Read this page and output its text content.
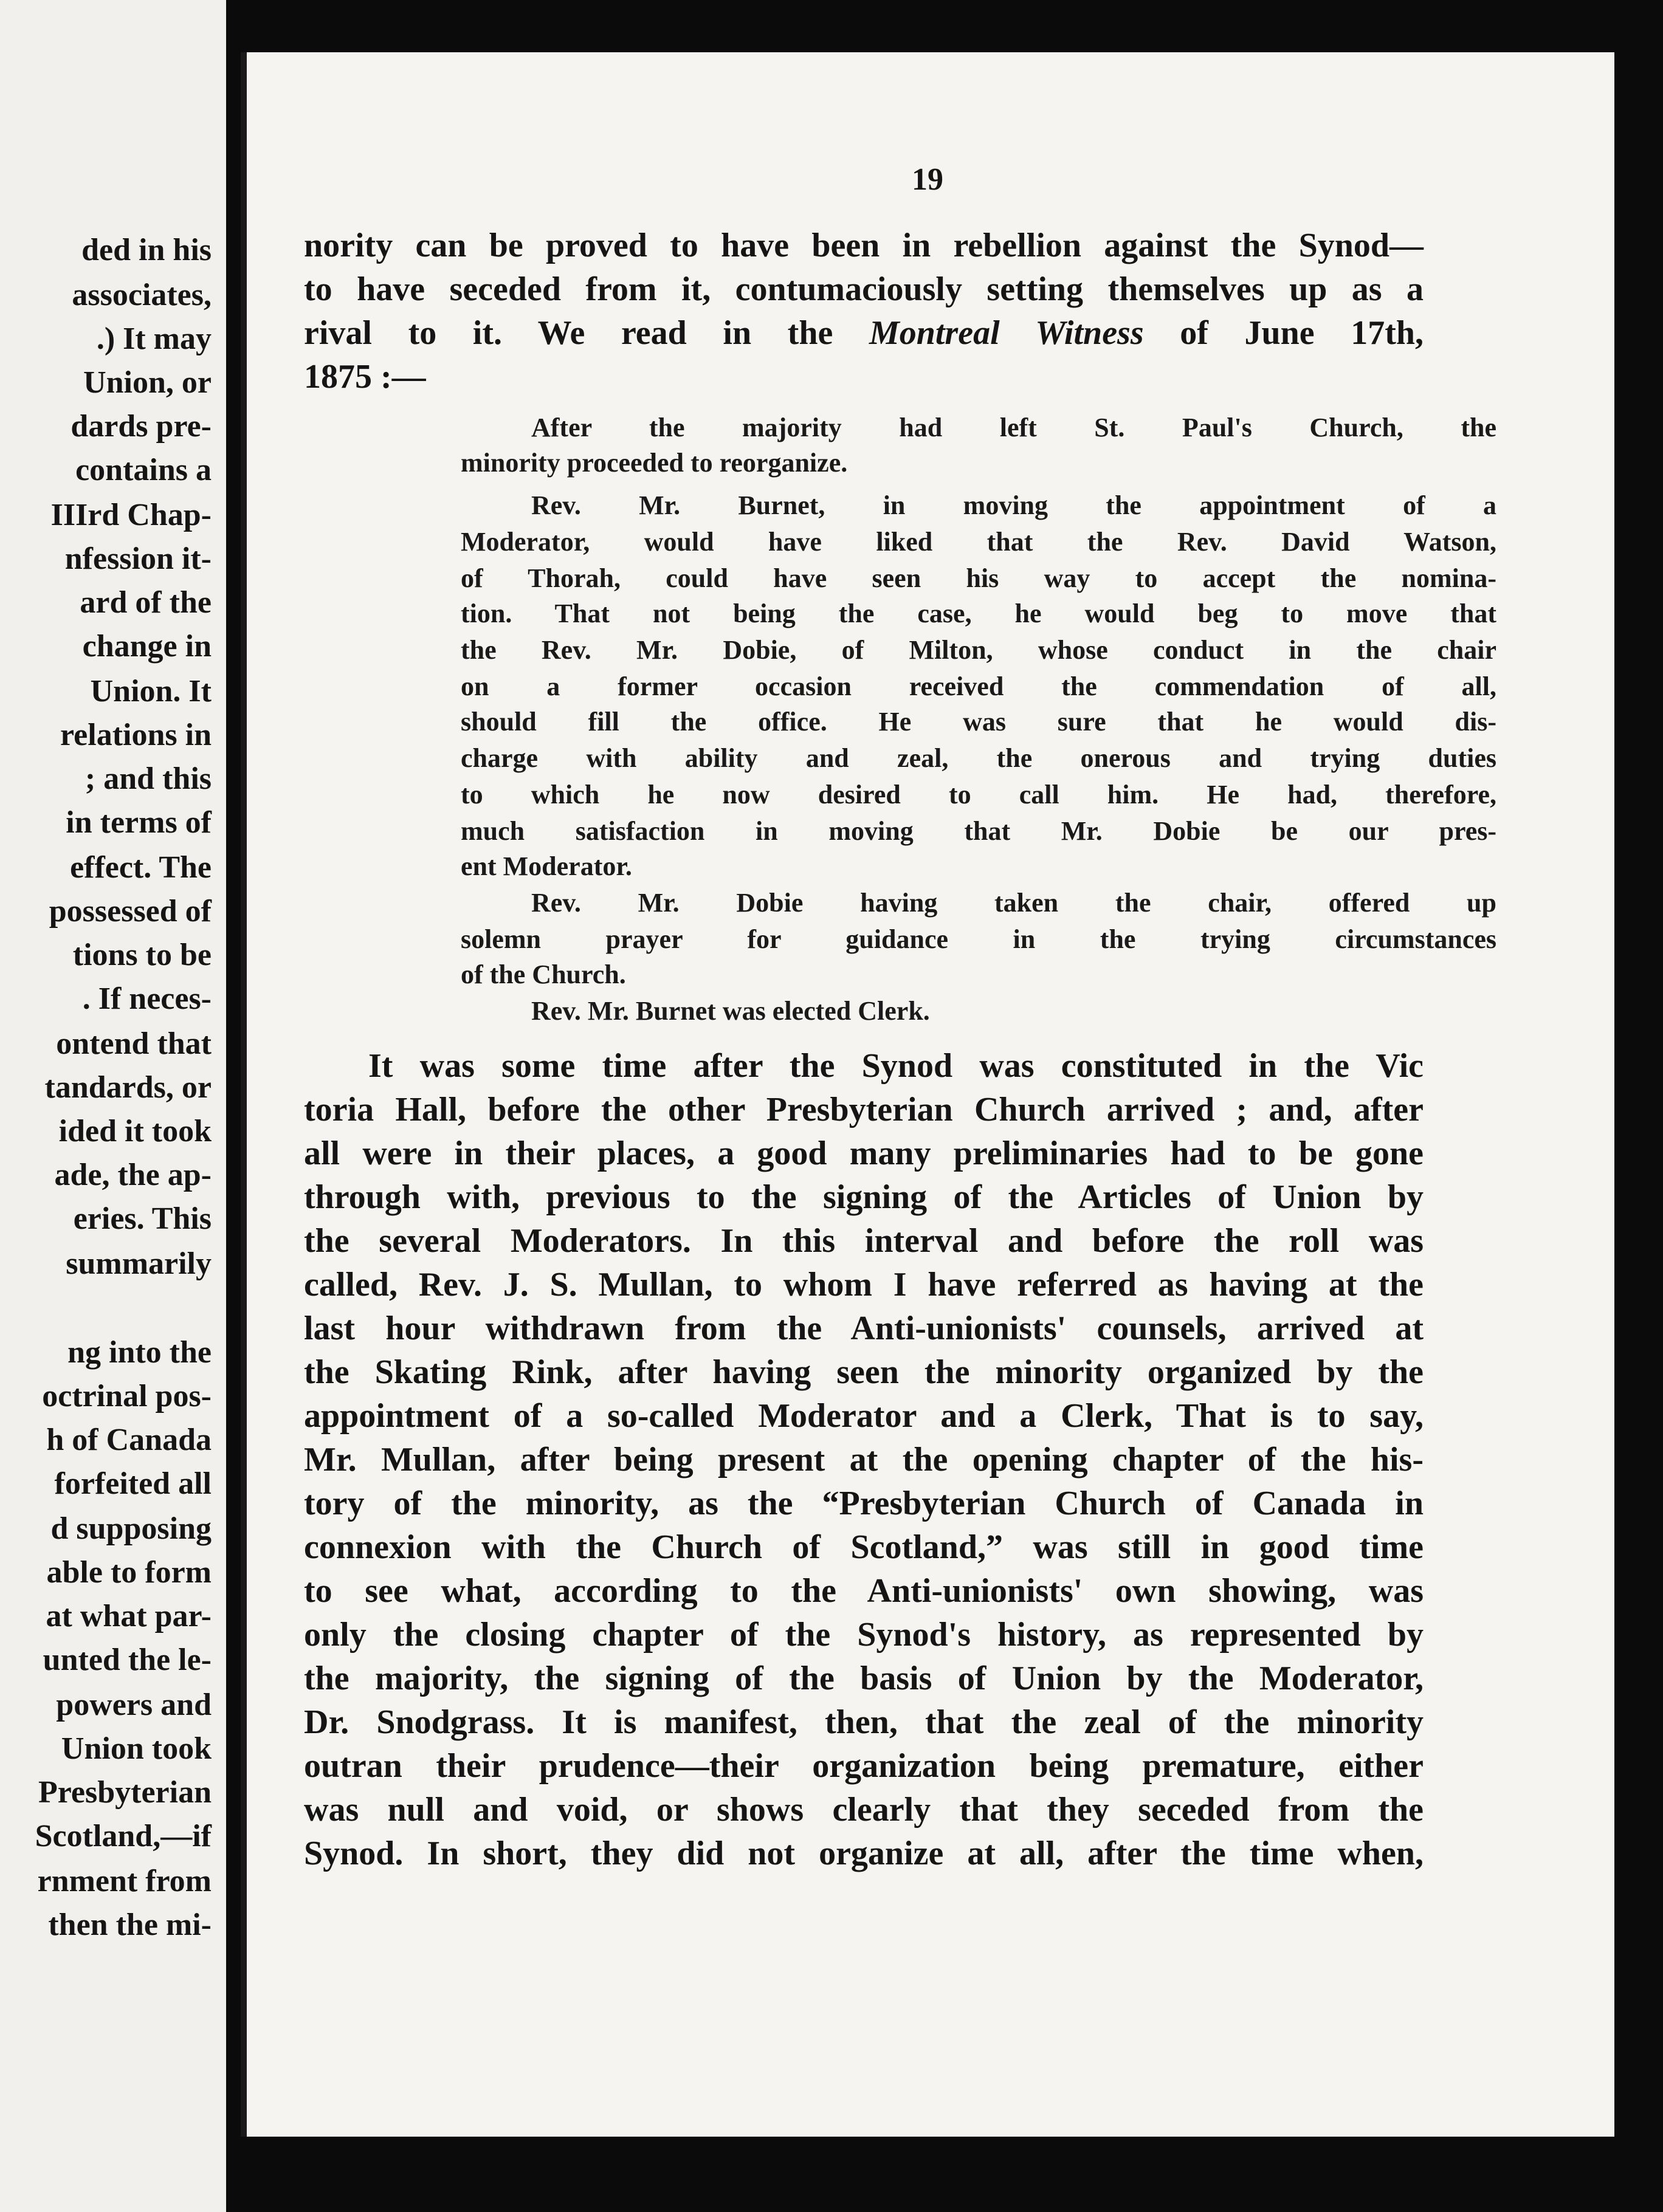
ded in his
associates,
.) It may
Union, or
dards pre-
contains a
IIIrd Chap-
nfession it-
ard of the
change in
Union. It
relations in
; and this
in terms of
effect. The
possessed of
tions to be
. If neces-
ontend that
tandards, or
ided it took
ade, the ap-
eries. This
summarily
ng into the
octrinal pos-
h of Canada
forfeited all
d supposing
able to form
at what par-
unted the le-
powers and
Union took
Presbyterian
Scotland,—if
rnment from
then the mi-
19
nority can be proved to have been in rebellion against the Synod—
to have seceded from it, contumaciously setting themselves up as a
rival to it. We read in the Montreal Witness of June 17th,
1875 :—
After the majority had left St. Paul's Church, the
minority proceeded to reorganize.
Rev. Mr. Burnet, in moving the appointment of a
Moderator, would have liked that the Rev. David Watson,
of Thorah, could have seen his way to accept the nomina-
tion. That not being the case, he would beg to move that
the Rev. Mr. Dobie, of Milton, whose conduct in the chair
on a former occasion received the commendation of all,
should fill the office. He was sure that he would dis-
charge with ability and zeal, the onerous and trying duties
to which he now desired to call him. He had, therefore,
much satisfaction in moving that Mr. Dobie be our pres-
ent Moderator.
Rev. Mr. Dobie having taken the chair, offered up
solemn prayer for guidance in the trying circumstances
of the Church.
Rev. Mr. Burnet was elected Clerk.
It was some time after the Synod was constituted in the Vic
toria Hall, before the other Presbyterian Church arrived ; and, after
all were in their places, a good many preliminaries had to be gone
through with, previous to the signing of the Articles of Union by
the several Moderators. In this interval and before the roll was
called, Rev. J. S. Mullan, to whom I have referred as having at the
last hour withdrawn from the Anti-unionists' counsels, arrived at
the Skating Rink, after having seen the minority organized by the
appointment of a so-called Moderator and a Clerk, That is to say,
Mr. Mullan, after being present at the opening chapter of the his-
tory of the minority, as the “Presbyterian Church of Canada in
connexion with the Church of Scotland,” was still in good time
to see what, according to the Anti-unionists' own showing, was
only the closing chapter of the Synod's history, as represented by
the majority, the signing of the basis of Union by the Moderator,
Dr. Snodgrass. It is manifest, then, that the zeal of the minority
outran their prudence—their organization being premature, either
was null and void, or shows clearly that they seceded from the
Synod. In short, they did not organize at all, after the time when,
